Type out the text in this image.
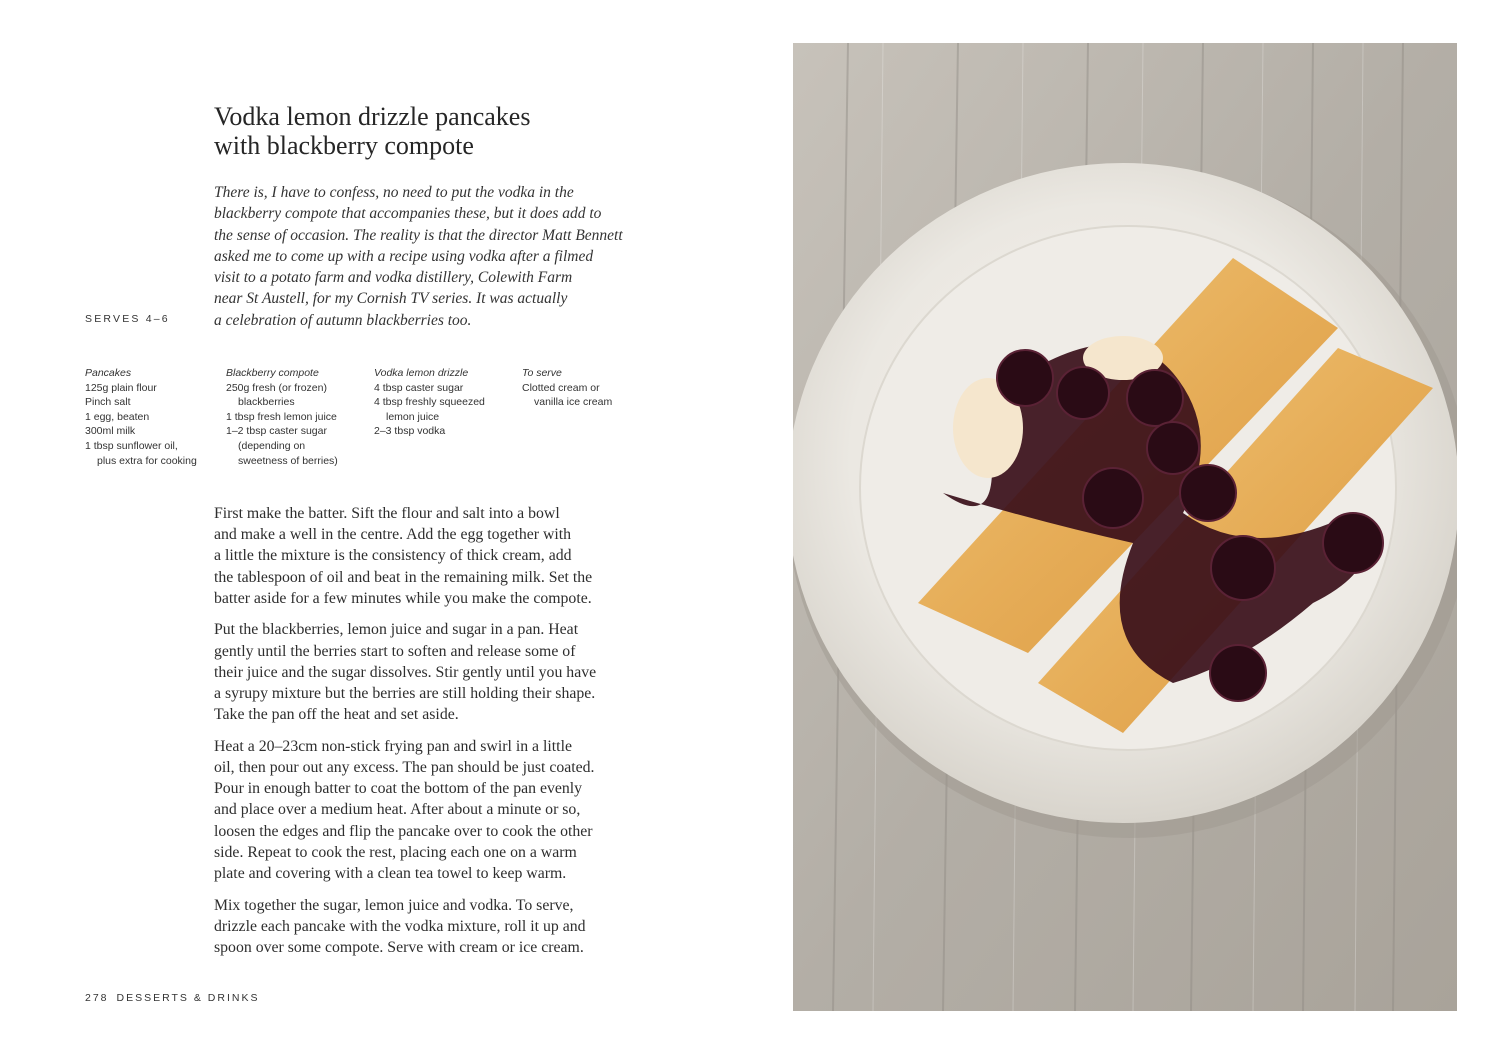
Vodka lemon drizzle pancakes
with blackberry compote
There is, I have to confess, no need to put the vodka in the
blackberry compote that accompanies these, but it does add to
the sense of occasion. The reality is that the director Matt Bennett
asked me to come up with a recipe using vodka after a filmed
visit to a potato farm and vodka distillery, Colewith Farm
near St Austell, for my Cornish TV series. It was actually
a celebration of autumn blackberries too.
SERVES 4–6
Pancakes
125g plain flour
Pinch salt
1 egg, beaten
300ml milk
1 tbsp sunflower oil,
plus extra for cooking
Blackberry compote
250g fresh (or frozen)
blackberries
1 tbsp fresh lemon juice
1–2 tbsp caster sugar
(depending on
sweetness of berries)
Vodka lemon drizzle
4 tbsp caster sugar
4 tbsp freshly squeezed
lemon juice
2–3 tbsp vodka
To serve
Clotted cream or
vanilla ice cream

First make the batter. Sift the flour and salt into a bowl
and make a well in the centre. Add the egg together with
a little the mixture is the consistency of thick cream, add
the tablespoon of oil and beat in the remaining milk. Set the
batter aside for a few minutes while you make the compote.

Put the blackberries, lemon juice and sugar in a pan. Heat
gently until the berries start to soften and release some of
their juice and the sugar dissolves. Stir gently until you have
a syrupy mixture but the berries are still holding their shape.
Take the pan off the heat and set aside.

Heat a 20–23cm non-stick frying pan and swirl in a little
oil, then pour out any excess. The pan should be just coated.
Pour in enough batter to coat the bottom of the pan evenly
and place over a medium heat. After about a minute or so,
loosen the edges and flip the pancake over to cook the other
side. Repeat to cook the rest, placing each one on a warm
plate and covering with a clean tea towel to keep warm.

Mix together the sugar, lemon juice and vodka. To serve,
drizzle each pancake with the vodka mixture, roll it up and
spoon over some compote. Serve with cream or ice cream.

278 DESSERTS & DRINKS
